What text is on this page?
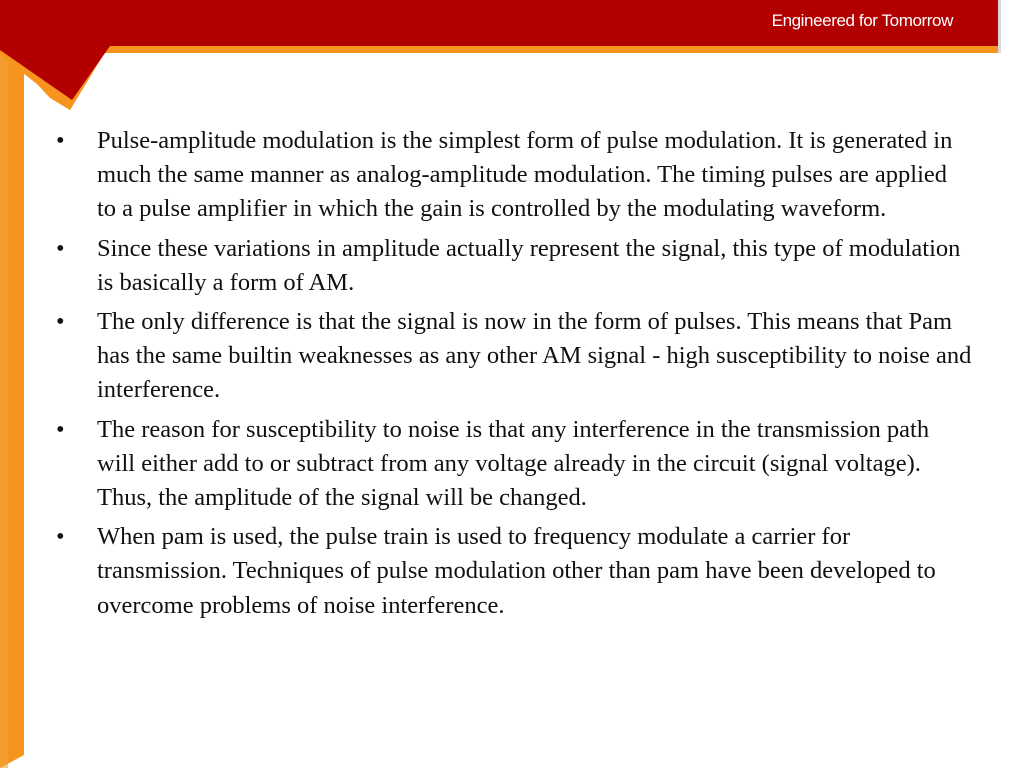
Engineered for Tomorrow
• Pulse-amplitude modulation is the simplest form of pulse modulation. It is generated in much the same manner as analog-amplitude modulation. The timing pulses are applied to a pulse amplifier in which the gain is controlled by the modulating waveform.
• Since these variations in amplitude actually represent the signal, this type of modulation is basically a form of AM.
• The only difference is that the signal is now in the form of pulses. This means that Pam has the same builtin weaknesses as any other AM signal - high susceptibility to noise and interference.
• The reason for susceptibility to noise is that any interference in the transmission path will either add to or subtract from any voltage already in the circuit (signal voltage). Thus, the amplitude of the signal will be changed.
• When pam is used, the pulse train is used to frequency modulate a carrier for transmission. Techniques of pulse modulation other than pam have been developed to overcome problems of noise interference.
